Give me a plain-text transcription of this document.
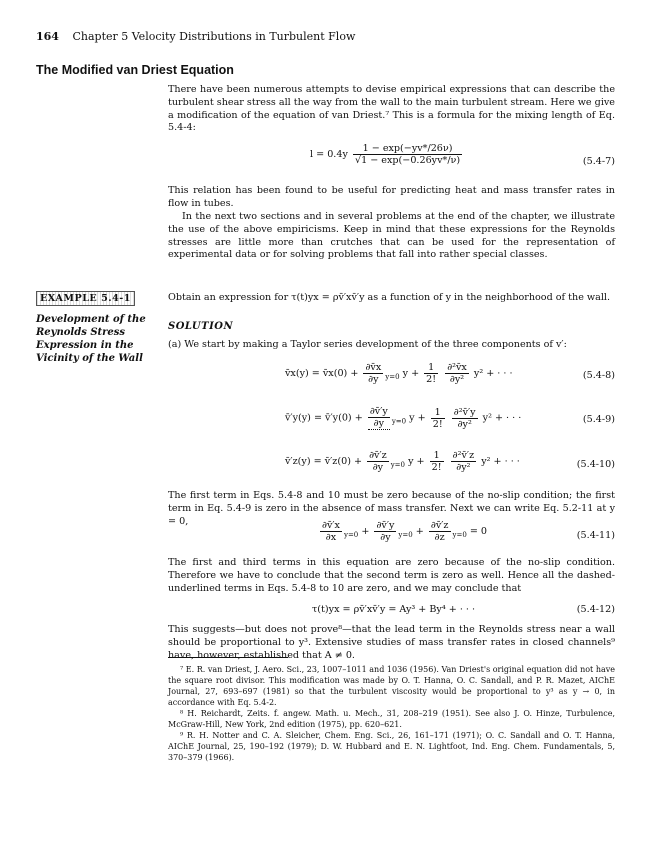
164 Chapter 5 Velocity Distributions in Turbulent Flow
The Modified van Driest Equation
There have been numerous attempts to devise empirical expressions that can describe the turbulent shear stress all the way from the wall to the main turbulent stream. Here we give a modification of the equation of van Driest.⁷ This is a formula for the mixing length of Eq. 5.4-4:
$l = 0.4y \frac{1 - \exp(-yv*/26\nu)}{√1 - \exp(-0.26yv*/\nu)}$	(5.4-7)
This relation has been found to be useful for predicting heat and mass transfer rates in flow in tubes.
In the next two sections and in several problems at the end of the chapter, we illustrate the use of the above empiricisms. Keep in mind that these expressions for the Reynolds stresses are little more than crutches that can be used for the representation of experimental data or for solving problems that fall into rather special classes.
EXAMPLE 5.4-1
Development of the Reynolds Stress Expression in the Vicinity of the Wall
Obtain an expression for τ(t)yx = ρv̄′xv̄′y as a function of y in the neighborhood of the wall.
SOLUTION
(a) We start by making a Taylor series development of the three components of v′:
v̄x(y) = v̄x(0) + $\frac{\partial v̄x}{\partial y} _{y=0}$ $y + \frac{1}{2!}$
$\frac{\text{∂²v̄x}}{\text{∂y²}} y^2$ + · · ·	(5.4-8)
v̄′y(y) = v̄′y(0) + $\frac{\partial v̄'y}{\partial y} _{y=0}$ $y + \frac{1}{2!}$
$\frac{\text{∂²v̄′y}}{\text{∂y²}} y^2$ + · · ·	(5.4-9)
v̄′z(y) = v̄′z(0) + $\frac{\partial v̄'z}{\partial y} _{y=0}$ $y + \frac{1}{2!}$
$\frac{\text{∂²v̄′z}}{\text{∂y²}} y^2$ + · · ·	(5.4-10)
The first term in Eqs. 5.4-8 and 10 must be zero because of the no-slip condition; the first term in Eq. 5.4-9 is zero in the absence of mass transfer. Next we can write Eq. 5.2-11 at y = 0,	$\frac{\partial v̄'x}{\partial x} _{y=0} + \frac{\partial v̄'y}{\partial y} _{y=0} + \frac{\partial v̄'z}{\partial z} _{y=0} = 0$	(5.4-11)
The first and third terms in this equation are zero because of the no-slip condition. Therefore we have to conclude that the second term is zero as well. Hence all the dashed-underlined terms in Eqs. 5.4-8 to 10 are zero, and we may conclude that
τ(t)yx = ρv̄′xv̄′y = Ay³ + By⁴ + · · ·	(5.4-12)
This suggests—but does not prove⁸—that the lead term in the Reynolds stress near a wall should be proportional to y³. Extensive studies of mass transfer rates in closed channels⁹ have, however, established that A ≠ 0.
⁷ E. R. van Driest, J. Aero. Sci., 23, 1007–1011 and 1036 (1956). Van Driest's original equation did not have the square root divisor. This modification was made by O. T. Hanna, O. C. Sandall, and P. R. Mazet, AIChE Journal, 27, 693–697 (1981) so that the turbulent viscosity would be proportional to y³ as y → 0, in accordance with Eq. 5.4-2.
⁸ H. Reichardt, Zeits. f. angew. Math. u. Mech., 31, 208–219 (1951). See also J. O. Hinze, Turbulence, McGraw-Hill, New York, 2nd edition (1975), pp. 620–621.
⁹ R. H. Notter and C. A. Sleicher, Chem. Eng. Sci., 26, 161–171 (1971); O. C. Sandall and O. T. Hanna, AIChE Journal, 25, 190–192 (1979); D. W. Hubbard and E. N. Lightfoot, Ind. Eng. Chem. Fundamentals, 5, 370–379 (1966).
